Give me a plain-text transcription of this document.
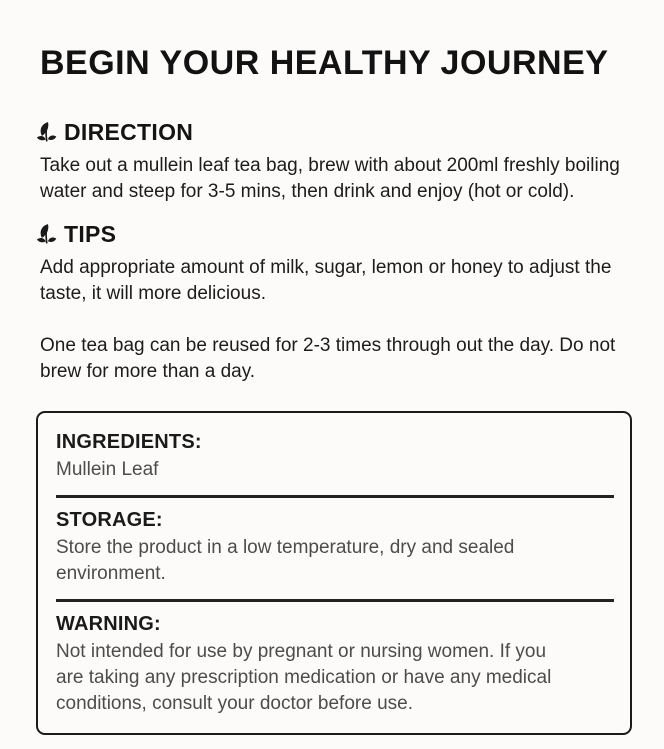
BEGIN YOUR HEALTHY JOURNEY
DIRECTION

Take out a mullein leaf tea bag, brew with about 200ml freshly boiling water and steep for 3-5 mins, then drink and enjoy (hot or cold).

TIPS

Add appropriate amount of milk, sugar, lemon or honey to adjust the taste, it will more delicious.

One tea bag can be reused for 2-3 times through out the day. Do not brew for more than a day.

INGREDIENTS:

Mullein Leaf

STORAGE:

Store the product in a low temperature, dry and sealed environment.

WARNING:

Not intended for use by pregnant or nursing women. If you are taking any prescription medication or have any medical conditions, consult your doctor before use.
